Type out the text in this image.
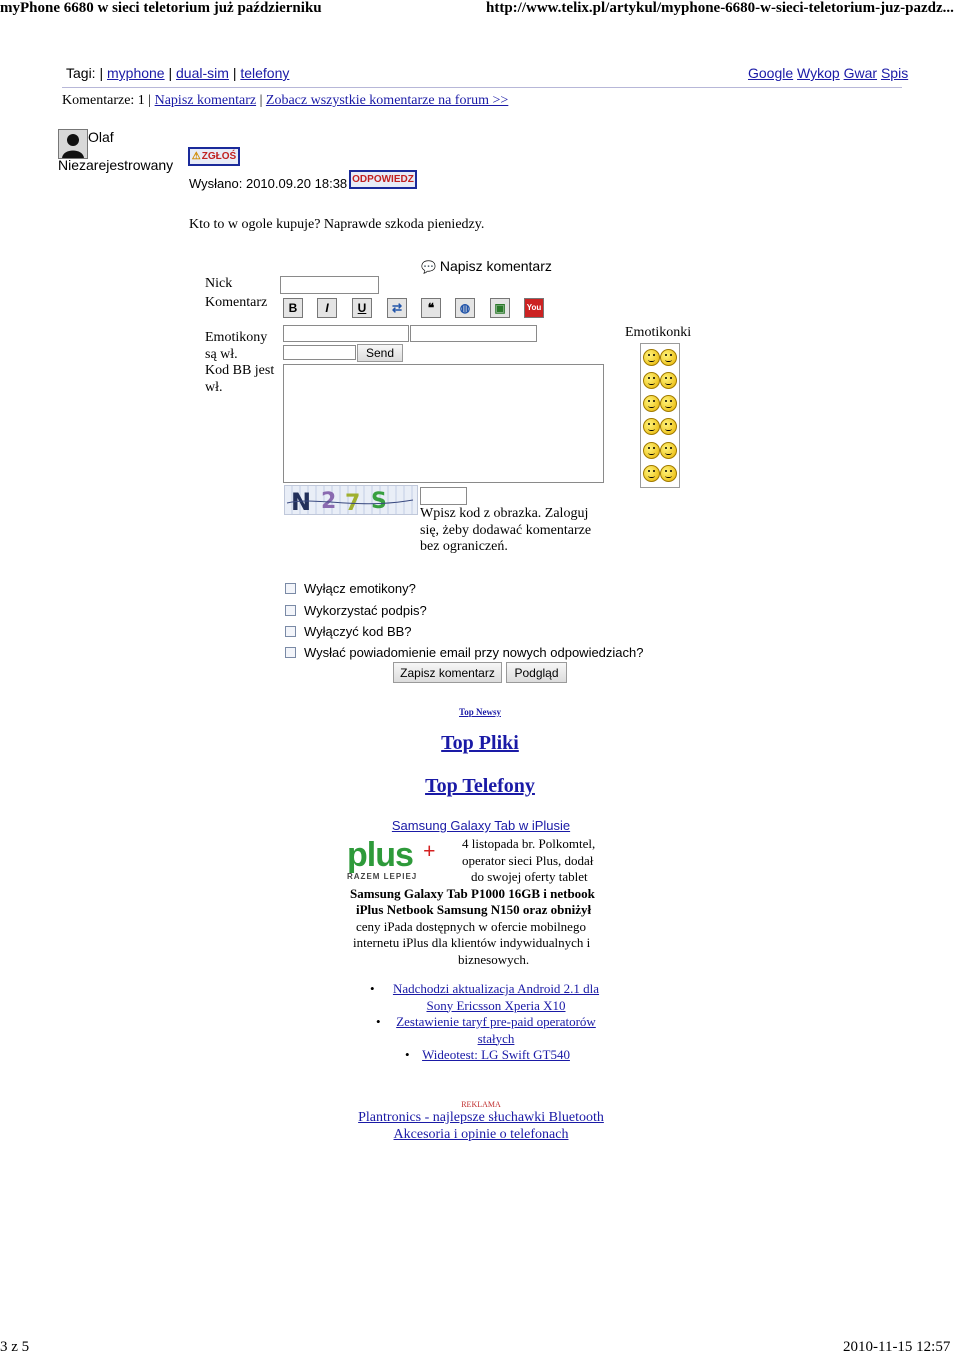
myPhone 6680 w sieci teletorium już październiku	http://www.telix.pl/artykul/myphone-6680-w-sieci-teletorium-juz-pazdz...
Tagi: | myphone | dual-sim | telefony	Google Wykop Gwar Spis
Komentarze: 1 | Napisz komentarz | Zobacz wszystkie komentarze na forum >>
Olaf
Niezarejestrowany
⚠ ZGŁOŚ
Wysłano: 2010.09.20 18:38 ODPOWIEDZ
Kto to w ogole kupuje? Naprawde szkoda pieniedzy.
💬 Napisz komentarz
Nick
Komentarz	B	I	U	⇄	❝	◍	▣	You
Emotikony są wł.
Kod BB jest wł.
Send
Emotikonki
N 2 7 S Wpisz kod z obrazka. Zaloguj się, żeby dodawać komentarze bez ograniczeń.
Wyłącz emotikony?
Wykorzystać podpis?
Wyłączyć kod BB?
Wysłać powiadomienie email przy nowych odpowiedziach?
Zapisz komentarz	Podgląd
Top Newsy
Top Pliki
Top Telefony
Samsung Galaxy Tab w iPlusie
plus +
RAZEM LEPIEJ
4 listopada br. Polkomtel,
operator sieci Plus, dodał
do swojej oferty tablet
Samsung Galaxy Tab P1000 16GB i netbook
iPlus Netbook Samsung N150 oraz obniżył
ceny iPada dostępnych w ofercie mobilnego
internetu iPlus dla klientów indywidualnych i
biznesowych.
• Nadchodzi aktualizacja Android 2.1 dla
Sony Ericsson Xperia X10
• Zestawienie taryf pre-paid operatorów
stałych
• Wideotest: LG Swift GT540
REKLAMA
Plantronics - najlepsze słuchawki Bluetooth
Akcesoria i opinie o telefonach
3 z 5	2010-11-15 12:57
